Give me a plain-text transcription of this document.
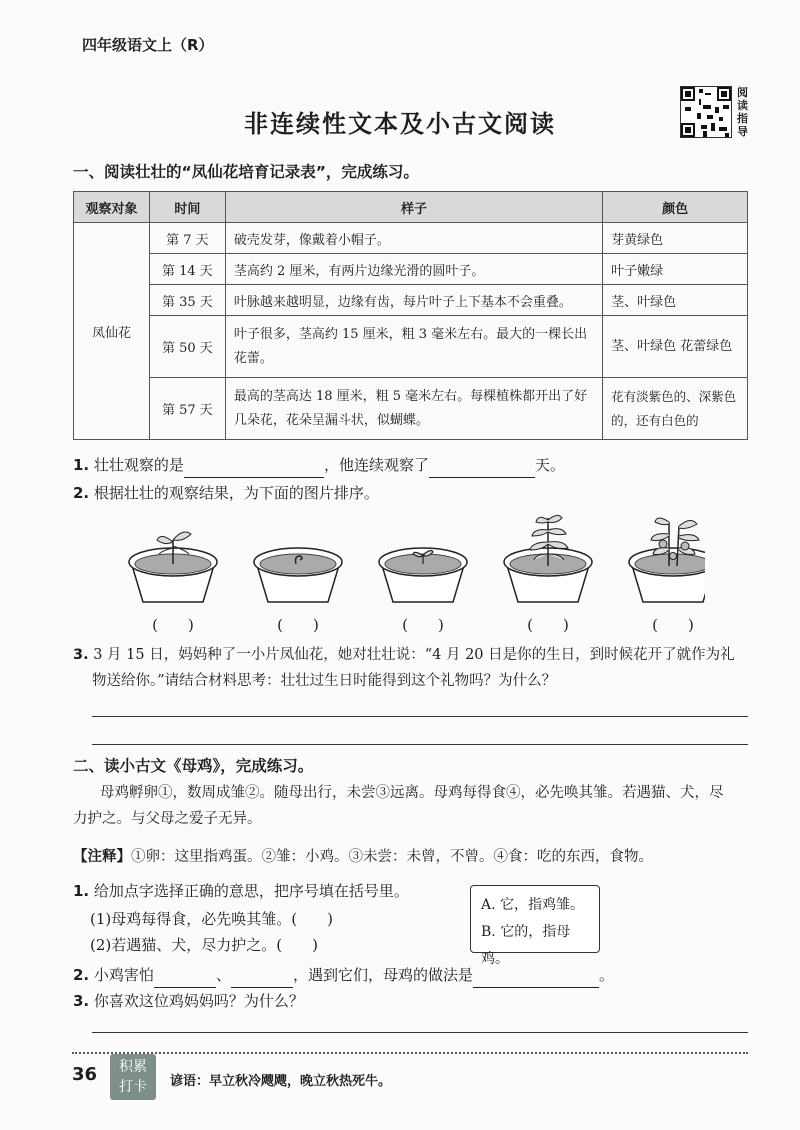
四年级语文上（R）
非连续性文本及小古文阅读
阅读指导
一、阅读壮壮的“凤仙花培育记录表”，完成练习。
观察对象	时间	样子	颜色
凤仙花	第 7 天	破壳发芽，像戴着小帽子。	芽黄绿色
	第 14 天	茎高约 2 厘米，有两片边缘光滑的圆叶子。	叶子嫩绿
	第 35 天	叶脉越来越明显，边缘有齿，每片叶子上下基本不会重叠。	茎、叶绿色
	第 50 天	叶子很多，茎高约 15 厘米，粗 3 毫米左右。最大的一棵长出花蕾。	茎、叶绿色 花蕾绿色
	第 57 天	最高的茎高达 18 厘米，粗 5 毫米左右。每棵植株都开出了好几朵花，花朵呈漏斗状，似蝴蝶。	花有淡紫色的、深紫色的，还有白色的
1. 壮壮观察的是	，他连续观察了	天。
2. 根据壮壮的观察结果，为下面的图片排序。
(　　)	(　　)	(　　)	(　　)	(　　)
3. 3 月 15 日，妈妈种了一小片凤仙花，她对壮壮说：“4 月 20 日是你的生日，到时候花开了就作为礼
物送给你。”请结合材料思考：壮壮过生日时能得到这个礼物吗？为什么？
二、读小古文《母鸡》，完成练习。
母鸡孵卵①，数周成雏②。随母出行，未尝③远离。母鸡每得食④，必先唤其雏。若遇猫、犬，尽
力护之。与父母之爱子无异。
【注释】①卵：这里指鸡蛋。②雏：小鸡。③未尝：未曾，不曾。④食：吃的东西，食物。
1. 给加点字选择正确的意思，把序号填在括号里。
(1)母鸡每得食，必先唤其雏。(　　)
(2)若遇猫、犬，尽力护之。(　　)
A. 它，指鸡雏。
B. 它的，指母鸡。
2. 小鸡害怕	、	，遇到它们，母鸡的做法是	。
3. 你喜欢这位鸡妈妈吗？为什么？
36	积累
打卡	谚语：早立秋冷飕飕，晚立秋热死牛。
